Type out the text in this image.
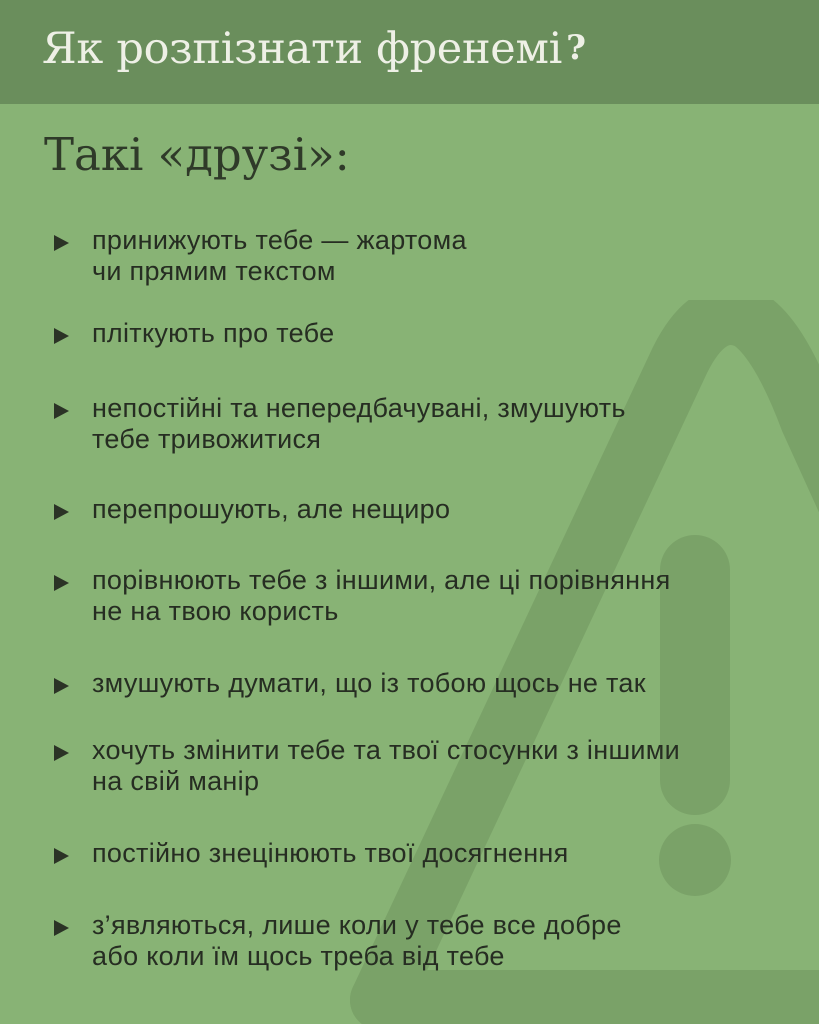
Як розпізнати френемі ?
Такі «друзі»:
принижують тебе — жартома
чи прямим текстом
пліткують про тебе
непостійні та непередбачувані, змушують
тебе тривожитися
перепрошують, але нещиро
порівнюють тебе з іншими, але ці порівняння
не на твою користь
змушують думати, що із тобою щось не так
хочуть змінити тебе та твої стосунки з іншими
на свій манір
постійно знецінюють твої досягнення
з’являються, лише коли у тебе все добре
або коли їм щось треба від тебе
